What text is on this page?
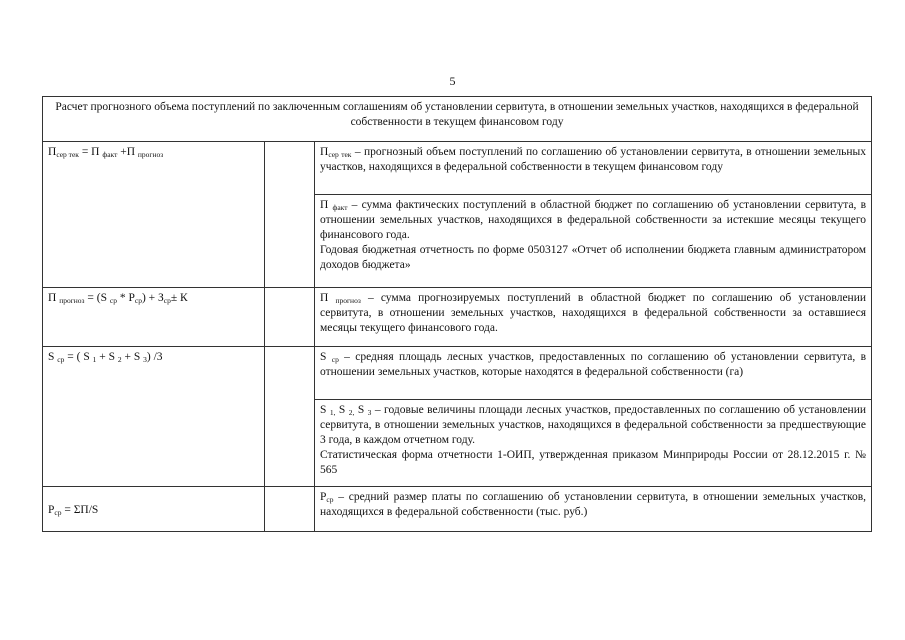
5
Расчет прогнозного объема поступлений по заключенным соглашениям об установлении сервитута, в отношении земельных участков, находящихся в федеральной собственности в текущем финансовом году		
$П_{сер тек} = П$ $_{факт}$ +П $_{прогноз}$		$П_{сер тек}$ – прогнозный объем поступлений по соглашению об установлении сервитута, в отношении земельных участков, находящихся в федеральной собственности в текущем финансовом году

		П $_{факт}$ – сумма фактических поступлений в областной бюджет по соглашению об установлении сервитута, в отношении земельных участков, находящихся в федеральной собственности за истекшие месяцы текущего финансового года.

Годовая бюджетная отчетность по форме 0503127 «Отчет об исполнении бюджета главным администратором доходов бюджета»

П $_{прогноз}$ = (S $_{ср} * P_{ср}) + З_{ср}\pm К$		П $_{прогноз}$ – сумма прогнозируемых поступлений в областной бюджет по соглашению об установлении сервитута, в отношении земельных участков, находящихся в федеральной собственности за оставшиеся месяцы текущего финансового года.
S $_{ср}$ = ( S $_1$ + S $_2$ + S $_3$) /3		S $_{ср}$ – средняя площадь лесных участков, предоставленных по соглашению об установлении сервитута, в отношении земельных участков, которые находятся в федеральной собственности (га)

		S $_{1,}$ S $_{2,}$ S $_3$ – годовые величины площади лесных участков, предоставленных по соглашению об установлении сервитута, в отношении земельных участков, находящихся в федеральной собственности за предшествующие 3 года, в каждом отчетном году.

Статистическая форма отчетности 1-ОИП, утвержденная приказом Минприроды России от 28.12.2015 г. № 565

$P_{ср} = \Sigma П/S$		$P_{ср}$ – средний размер платы по соглашению об установлении сервитута, в отношении земельных участков, находящихся в федеральной собственности (тыс. руб.)
